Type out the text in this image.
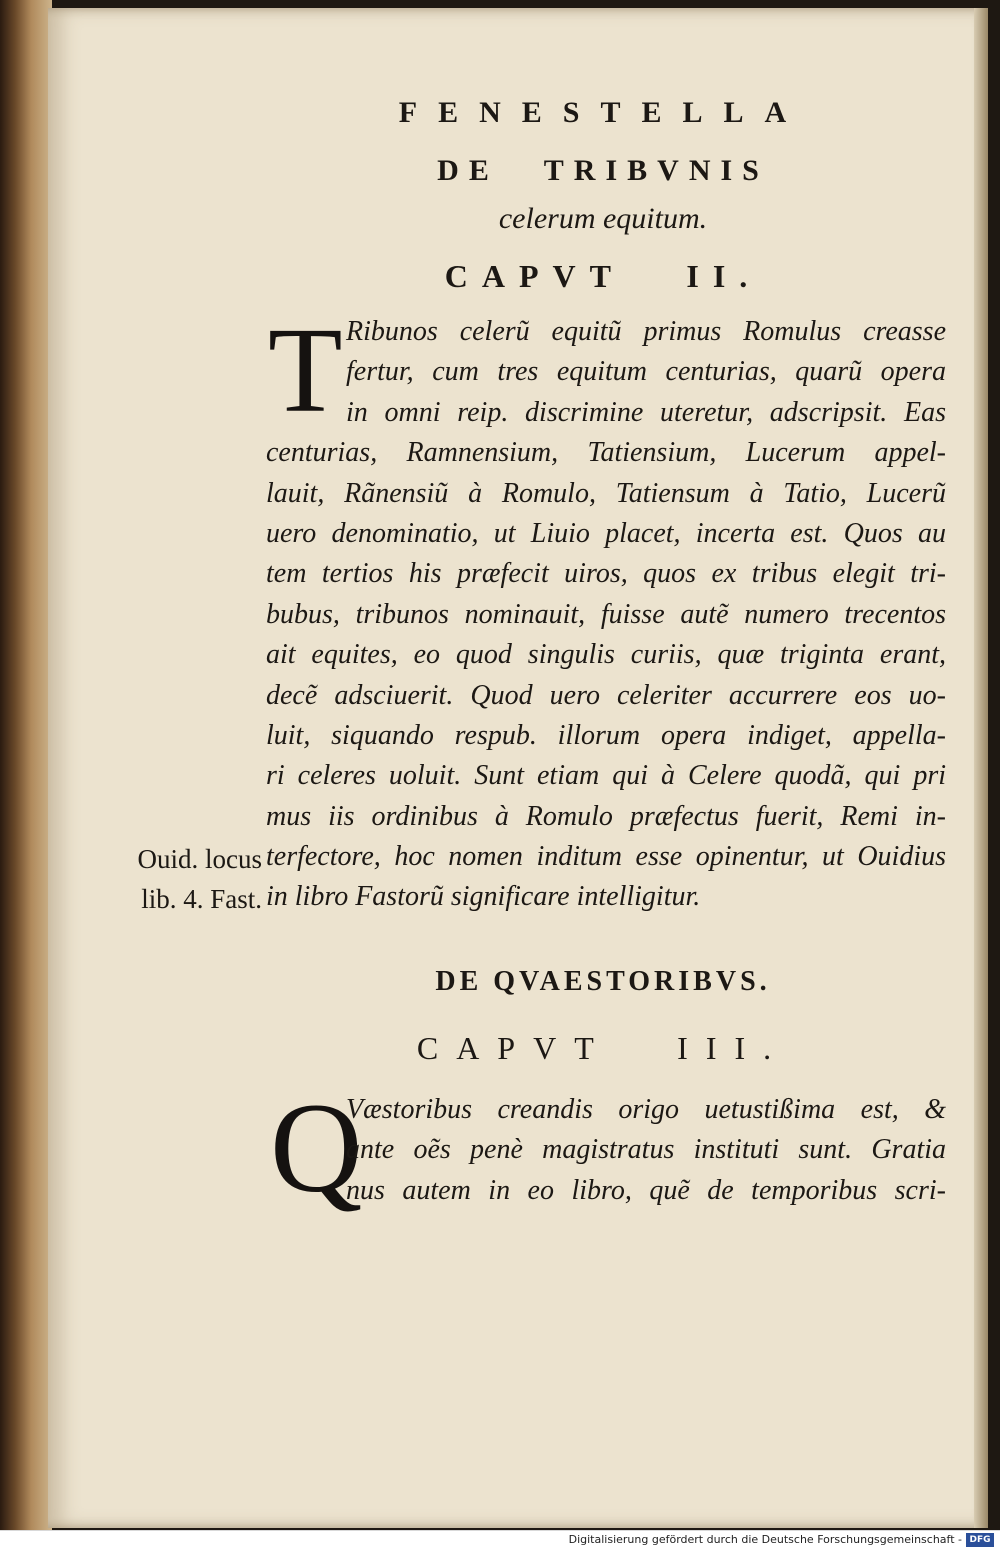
FENESTELLA
DE TRIBVNIS
celerum equitum.
CAPVT II.
T Ribunos celerũ equitũ primus Romulus creasse
fertur, cum tres equitum centurias, quarũ opera
in omni reip. discrimine uteretur, adscripsit. Eas
centurias, Ramnensium, Tatiensium, Lucerum appel-
lauit, Rãnensiũ à Romulo, Tatiensum à Tatio, Lucerũ
uero denominatio, ut Liuio placet, incerta est. Quos au
tem tertios his præfecit uiros, quos ex tribus elegit tri-
bubus, tribunos nominauit, fuisse autẽ numero trecentos
ait equites, eo quod singulis curiis, quæ triginta erant,
decẽ adsciuerit. Quod uero celeriter accurrere eos uo-
luit, siquando respub. illorum opera indiget, appella-
ri celeres uoluit. Sunt etiam qui à Celere quodã, qui pri
mus iis ordinibus à Romulo præfectus fuerit, Remi in-
terfectore, hoc nomen inditum esse opinentur, ut Ouidius
in libro Fastorũ significare intelligitur.
Ouid. locus
lib. 4. Fast.
DE QVAESTORIBVS.
CAPVT III.
Q
Væstoribus creandis origo uetustißima est, &
ante oẽs penè magistratus instituti sunt. Gratia
nus autem in eo libro, quẽ de temporibus scri-
Digitalisierung gefördert durch die Deutsche Forschungsgemeinschaft - DFG
